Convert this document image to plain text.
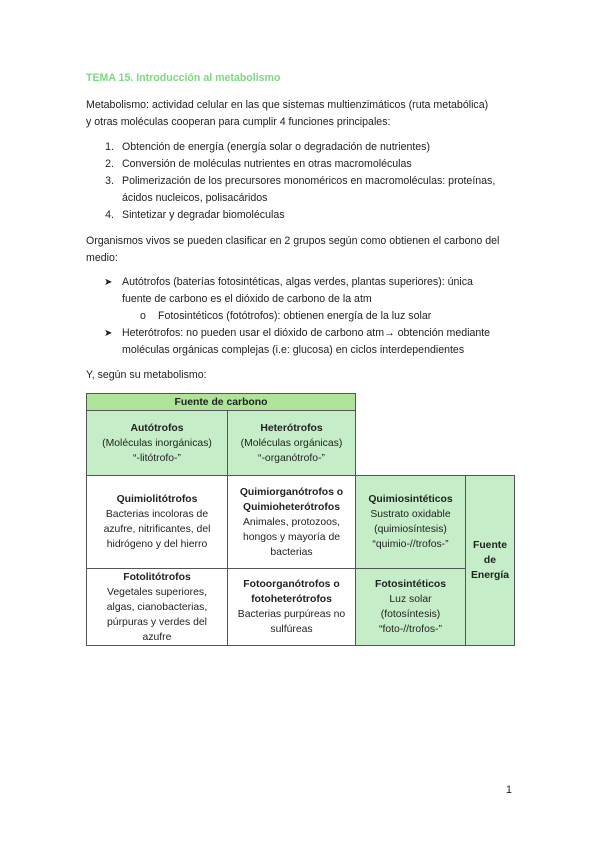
TEMA 15. Introducción al metabolismo
Metabolismo: actividad celular en las que sistemas multienzimáticos (ruta metabólica)
y otras moléculas cooperan para cumplir 4 funciones principales:
1. Obtención de energía (energía solar o degradación de nutrientes)
2. Conversión de moléculas nutrientes en otras macromoléculas
3. Polimerización de los precursores monoméricos en macromoléculas: proteínas,
ácidos nucleicos, polisacáridos
4. Sintetizar y degradar biomoléculas
Organismos vivos se pueden clasificar en 2 grupos según como obtienen el carbono del
medio:
➤ Autótrofos (baterías fotosintéticas, algas verdes, plantas superiores): única
fuente de carbono es el dióxido de carbono de la atm
o Fotosintéticos (fotótrofos): obtienen energía de la luz solar
➤ Heterótrofos: no pueden usar el dióxido de carbono atm→ obtención mediante
moléculas orgánicas complejas (i.e: glucosa) en ciclos interdependientes
Y, según su metabolismo:
Fuente de carbono
Autótrofos
(Moléculas inorgánicas)
“-litótrofo-”
Heterótrofos
(Moléculas orgánicas)
“-organótrofo-”
Quimiolitótrofos
Bacterias incoloras de
azufre, nitrificantes, del
hidrógeno y del hierro
Quimiorganótrofos o
Quimioheterótrofos
Animales, protozoos,
hongos y mayoría de
bacterias
Quimiosintéticos
Sustrato oxidable
(quimiosíntesis)
“quimio-//trofos-” Fuente
de
Energía
Fotolitótrofos
Vegetales superiores,
algas, cianobacterias,
púrpuras y verdes del
azufre
Fotoorganótrofos o
fotoheterótrofos
Bacterias purpúreas no
sulfúreas
Fotosintéticos
Luz solar
(fotosíntesis)
“foto-//trofos-”
1
